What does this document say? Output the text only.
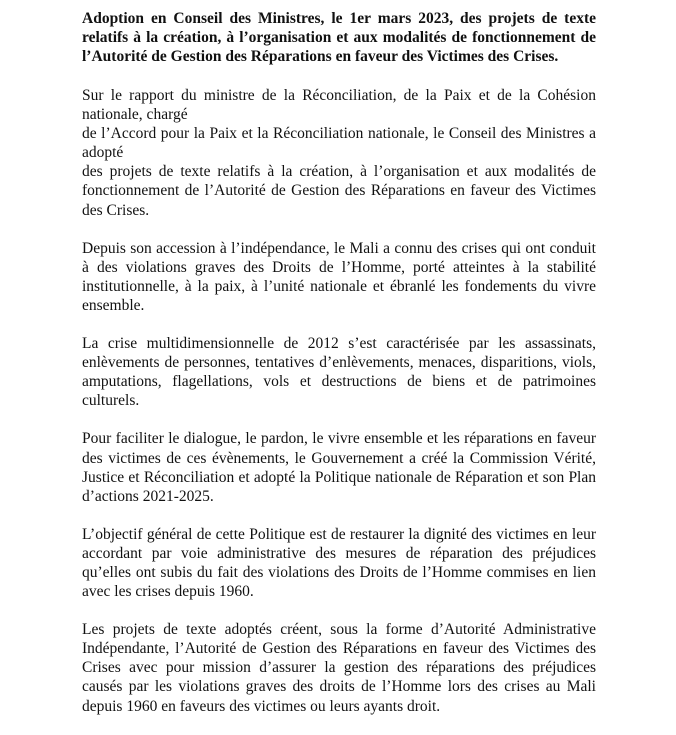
Adoption en Conseil des Ministres, le 1er mars 2023, des projets de texte relatifs à la création, à l’organisation et aux modalités de fonctionnement de l’Autorité de Gestion des Réparations en faveur des Victimes des Crises.

Sur le rapport du ministre de la Réconciliation, de la Paix et de la Cohésion
nationale, chargé
de l’Accord pour la Paix et la Réconciliation nationale, le Conseil des Ministres a
adopté
des projets de texte relatifs à la création, à l’organisation et aux modalités de
fonctionnement de l’Autorité de Gestion des Réparations en faveur des Victimes
des Crises.

Depuis son accession à l’indépendance, le Mali a connu des crises qui ont conduit
à des violations graves des Droits de l’Homme, porté atteintes à la stabilité
institutionnelle, à la paix, à l’unité nationale et ébranlé les fondements du vivre
ensemble.

La crise multidimensionnelle de 2012 s’est caractérisée par les assassinats,
enlèvements de personnes, tentatives d’enlèvements, menaces, disparitions, viols,
amputations, flagellations, vols et destructions de biens et de patrimoines
culturels.

Pour faciliter le dialogue, le pardon, le vivre ensemble et les réparations en faveur
des victimes de ces évènements, le Gouvernement a créé la Commission Vérité,
Justice et Réconciliation et adopté la Politique nationale de Réparation et son Plan
d’actions 2021-2025.

L’objectif général de cette Politique est de restaurer la dignité des victimes en leur
accordant par voie administrative des mesures de réparation des préjudices
qu’elles ont subis du fait des violations des Droits de l’Homme commises en lien
avec les crises depuis 1960.

Les projets de texte adoptés créent, sous la forme d’Autorité Administrative
Indépendante, l’Autorité de Gestion des Réparations en faveur des Victimes des
Crises avec pour mission d’assurer la gestion des réparations des préjudices
causés par les violations graves des droits de l’Homme lors des crises au Mali
depuis 1960 en faveurs des victimes ou leurs ayants droit.
